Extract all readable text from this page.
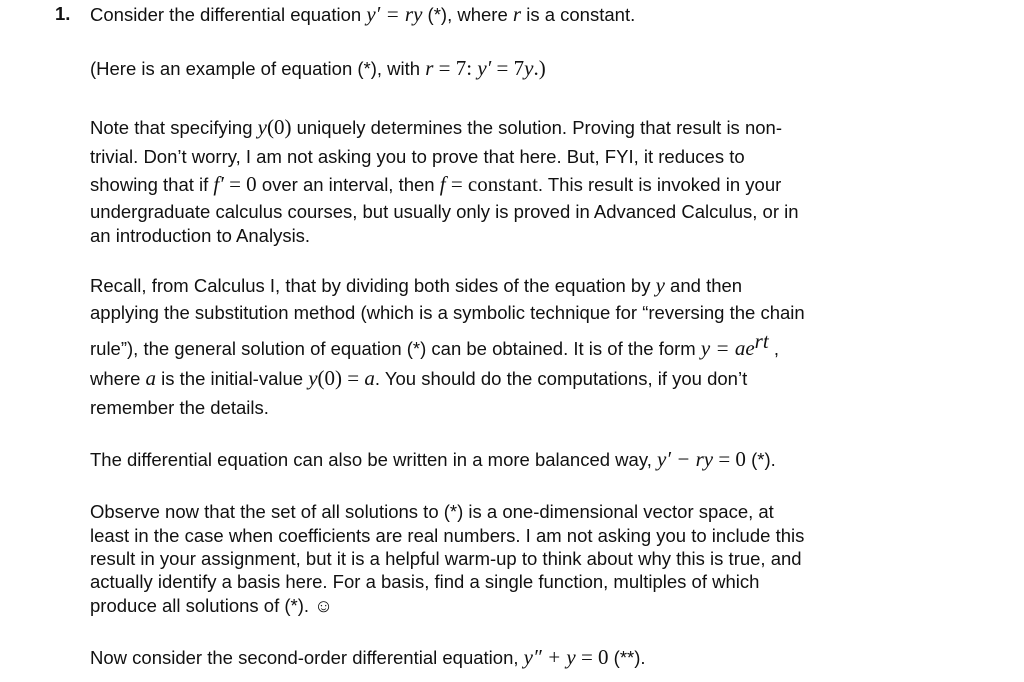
1. Consider the differential equation y′ = ry (*), where r is a constant.
(Here is an example of equation (*), with r = 7: y′ = 7y.)
Note that specifying y(0) uniquely determines the solution. Proving that result is non-
trivial. Don’t worry, I am not asking you to prove that here. But, FYI, it reduces to
showing that if f′ = 0 over an interval, then f = constant. This result is invoked in your
undergraduate calculus courses, but usually only is proved in Advanced Calculus, or in
an introduction to Analysis.
Recall, from Calculus I, that by dividing both sides of the equation by y and then
applying the substitution method (which is a symbolic technique for “reversing the chain
rule”), the general solution of equation (*) can be obtained. It is of the form $y = ae^{rt}$ ,
where a is the initial-value y(0) = a. You should do the computations, if you don’t
remember the details.
The differential equation can also be written in a more balanced way, y′ − ry = 0 (*).
Observe now that the set of all solutions to (*) is a one-dimensional vector space, at
least in the case when coefficients are real numbers. I am not asking you to include this
result in your assignment, but it is a helpful warm-up to think about why this is true, and
actually identify a basis here. For a basis, find a single function, multiples of which
produce all solutions of (*). ☺
Now consider the second-order differential equation, y″ + y = 0 (**).
